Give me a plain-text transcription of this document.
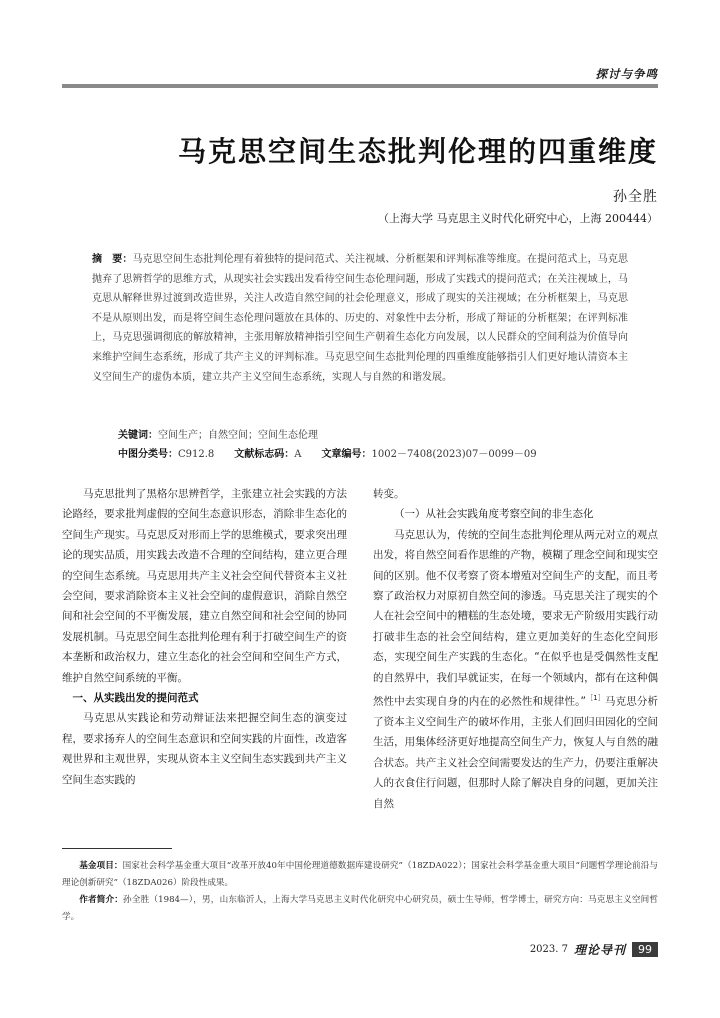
探讨与争鸣
马克思空间生态批判伦理的四重维度
孙全胜
（上海大学 马克思主义时代化研究中心，上海 200444）
摘　要：马克思空间生态批判伦理有着独特的提问范式、关注视域、分析框架和评判标准等维度。在提问范式上，马克思抛弃了思辨哲学的思维方式，从现实社会实践出发看待空间生态伦理问题，形成了实践式的提问范式；在关注视域上，马克思从解释世界过渡到改造世界，关注人改造自然空间的社会伦理意义，形成了现实的关注视域；在分析框架上，马克思不是从原则出发，而是将空间生态伦理问题放在具体的、历史的、对象性中去分析，形成了辩证的分析框架；在评判标准上，马克思强调彻底的解放精神，主张用解放精神指引空间生产朝着生态化方向发展，以人民群众的空间利益为价值导向来维护空间生态系统，形成了共产主义的评判标准。马克思空间生态批判伦理的四重维度能够指引人们更好地认清资本主义空间生产的虚伪本质，建立共产主义空间生态系统，实现人与自然的和谐发展。
关键词：空间生产；自然空间；空间生态伦理
中图分类号：C912.8 文献标志码：A 文章编号：1002－7408(2023)07－0099－09

马克思批判了黑格尔思辨哲学，主张建立社会实践的方法论路经，要求批判虚假的空间生态意识形态，消除非生态化的空间生产现实。马克思反对形而上学的思维模式，要求突出理论的现实品质，用实践去改造不合理的空间结构，建立更合理的空间生态系统。马克思用共产主义社会空间代替资本主义社会空间，要求消除资本主义社会空间的虚假意识，消除自然空间和社会空间的不平衡发展，建立自然空间和社会空间的协同发展机制。马克思空间生态批判伦理有利于打破空间生产的资本垄断和政治权力，建立生态化的社会空间和空间生产方式，维护自然空间系统的平衡。

一、从实践出发的提问范式

马克思从实践论和劳动辩证法来把握空间生态的演变过程，要求扬弃人的空间生态意识和空间实践的片面性，改造客观世界和主观世界，实现从资本主义空间生态实践到共产主义空间生态实践的

转变。

（一）从社会实践角度考察空间的非生态化

马克思认为，传统的空间生态批判伦理从两元对立的观点出发，将自然空间看作思维的产物，模糊了理念空间和现实空间的区别。他不仅考察了资本增殖对空间生产的支配，而且考察了政治权力对原初自然空间的渗透。马克思关注了现实的个人在社会空间中的糟糕的生态处境，要求无产阶级用实践行动打破非生态的社会空间结构，建立更加美好的生态化空间形态，实现空间生产实践的生态化。“在似乎也是受偶然性支配的自然界中，我们早就证实，在每一个领域内，都有在这种偶然性中去实现自身的内在的必然性和规律性。”$^{[1]}$马克思分析了资本主义空间生产的破坏作用，主张人们回归田园化的空间生活，用集体经济更好地提高空间生产力，恢复人与自然的融合状态。共产主义社会空间需要发达的生产力，仍要注重解决人的衣食住行问题，但那时人除了解决自身的问题，更加关注自然

基金项目：国家社会科学基金重大项目“改革开放40年中国伦理道德数据库建设研究”（18ZDA022）；国家社会科学基金重大项目“问题哲学理论前沿与理论创新研究”（18ZDA026）阶段性成果。

作者简介：孙全胜（1984—），男，山东临沂人，上海大学马克思主义时代化研究中心研究员，硕士生导师，哲学博士，研究方向：马克思主义空间哲学。

2023. 7 理论导刊	99
